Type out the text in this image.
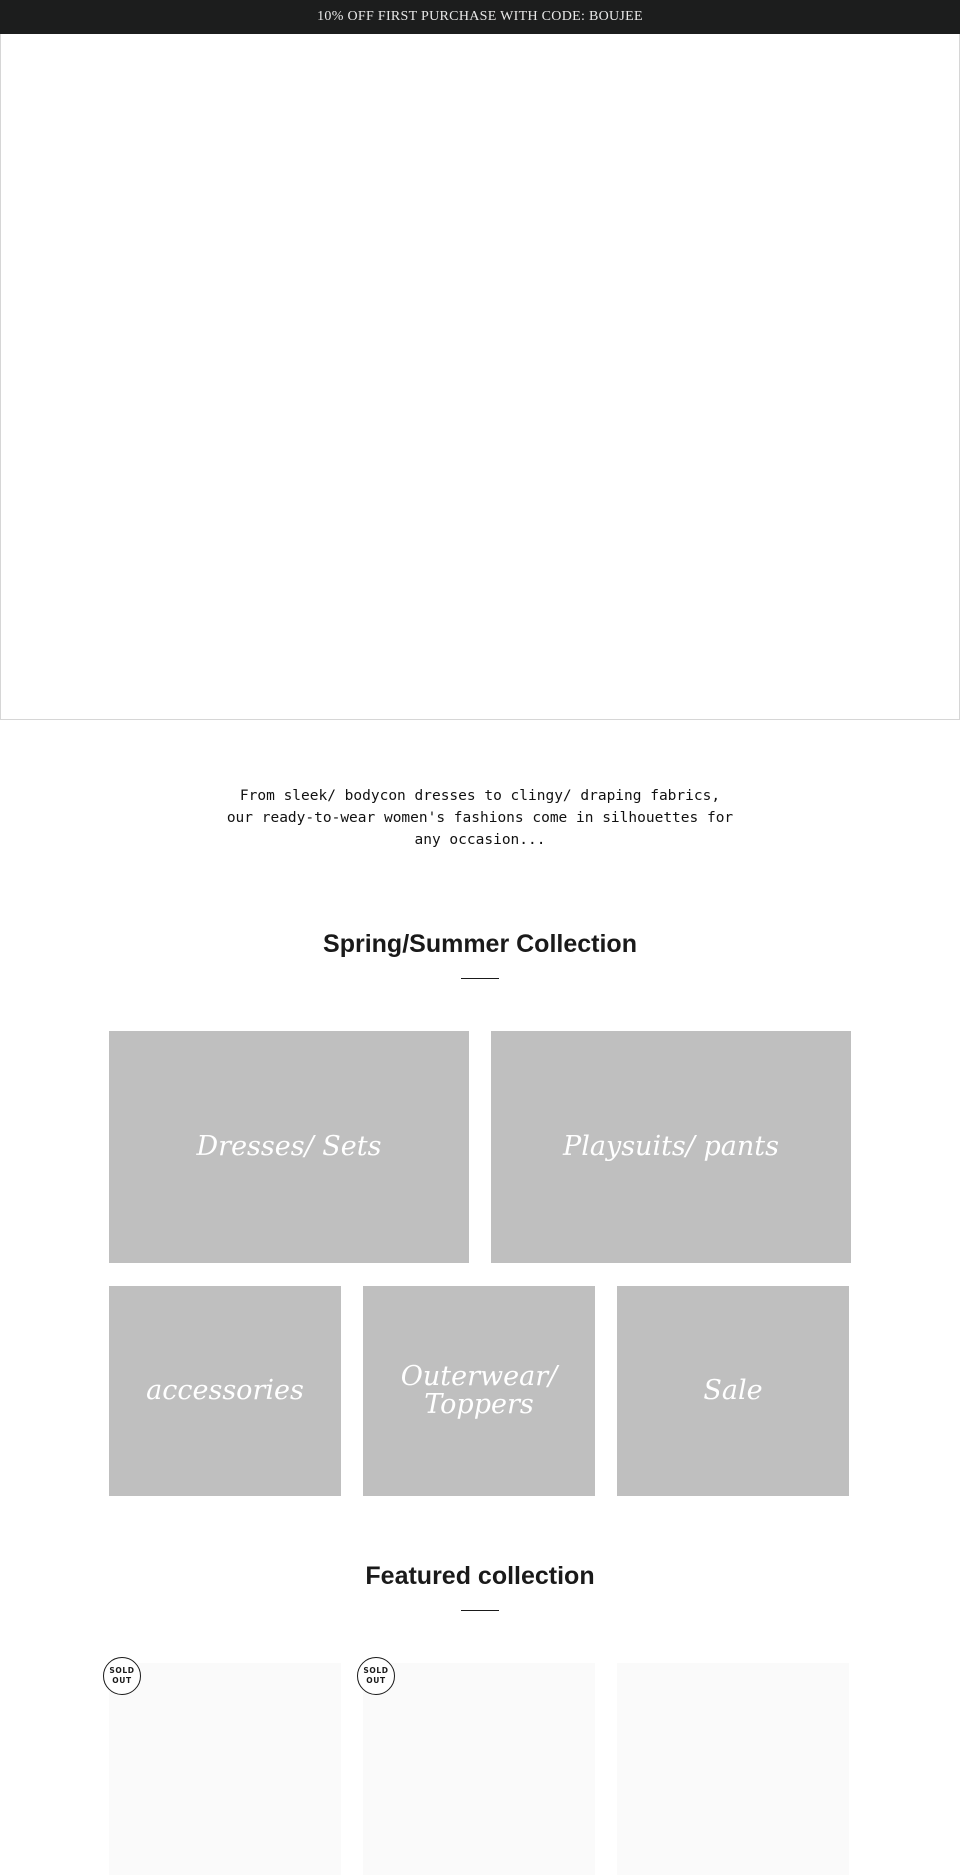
10% OFF FIRST PURCHASE WITH CODE: BOUJEE

From sleek/ bodycon dresses to clingy/ draping fabrics, our ready-to-wear women's fashions come in silhouettes for any occasion...

Spring/Summer Collection
Dresses/ Sets	Playsuits/ pants
accessories	Outerwear/ Toppers	Sale
Featured collection
SOLD
OUT
SOLD
OUT
